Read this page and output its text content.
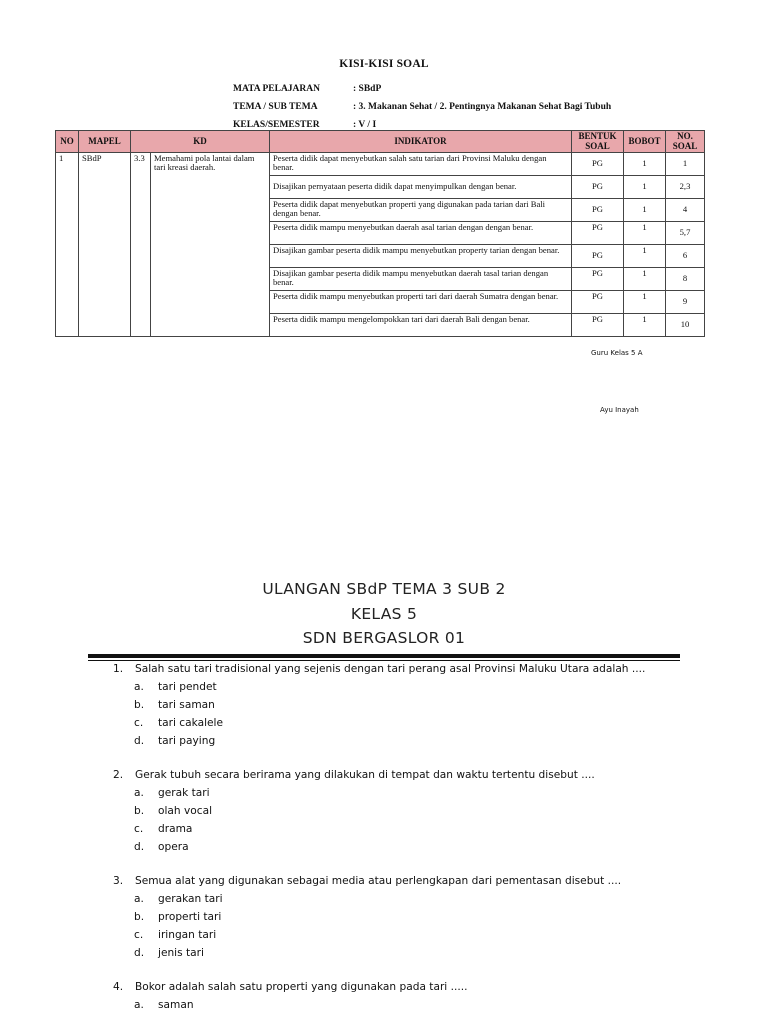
KISI-KISI SOAL
MATA PELAJARAN	: SBdP
TEMA / SUB TEMA	: 3. Makanan Sehat / 2. Pentingnya Makanan Sehat Bagi Tubuh
KELAS/SEMESTER	: V / I
NO	MAPEL	KD		INDIKATOR	BENTUK SOAL	BOBOT	NO. SOAL
1	SBdP	3.3	Memahami pola lantai dalam tari kreasi daerah.	Peserta didik dapat menyebutkan salah satu tarian dari Provinsi Maluku dengan benar.	PG	1	1
				Disajikan pernyataan peserta didik dapat menyimpulkan dengan benar.	PG	1	2,3
				Peserta didik dapat menyebutkan properti yang digunakan pada tarian dari Bali dengan benar.	PG	1	4
				Peserta didik mampu menyebutkan daerah asal tarian dengan dengan benar.	PG	1	5,7
				Disajikan gambar peserta didik mampu menyebutkan property tarian dengan benar.	PG	1	6
				Disajikan gambar peserta didik mampu menyebutkan daerah tasal tarian dengan benar.	PG	1	8
				Peserta didik mampu menyebutkan properti tari dari daerah Sumatra dengan benar.	PG	1	9
				Peserta didik mampu mengelompokkan tari dari daerah Bali dengan benar.	PG	1	10
Guru Kelas 5 A
Ayu Inayah
ULANGAN SBdP TEMA 3 SUB 2
KELAS 5
SDN BERGASLOR 01
1.	Salah satu tari tradisional yang sejenis dengan tari perang asal Provinsi Maluku Utara adalah ....
a.	tari pendet
b.	tari saman
c.	tari cakalele
d.	tari paying
2.	Gerak tubuh secara berirama yang dilakukan di tempat dan waktu tertentu disebut ....
a.	gerak tari
b.	olah vocal
c.	drama
d.	opera
3.	Semua alat yang digunakan sebagai media atau perlengkapan dari pementasan disebut ....
a.	gerakan tari
b.	properti tari
c.	iringan tari
d.	jenis tari
4.	Bokor adalah salah satu properti yang digunakan pada tari .....
a.	saman
